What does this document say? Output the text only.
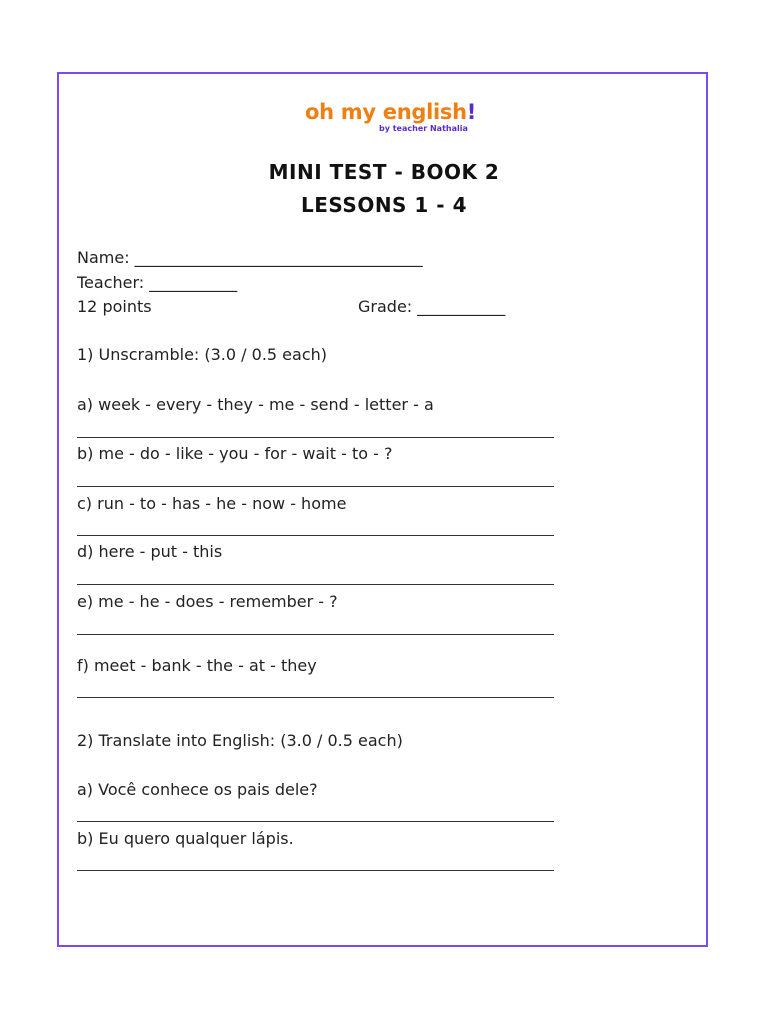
oh my english!
by teacher Nathalia
MINI TEST - BOOK 2
LESSONS 1 - 4
Name: ____________________________________
Teacher: ___________
12 points	Grade: ___________
1) Unscramble: (3.0 / 0.5 each)
a) week - every - they - me - send - letter - a
b) me - do - like - you - for - wait - to - ?
c) run - to - has - he - now - home
d) here - put - this
e) me - he - does - remember - ?
f) meet - bank - the - at - they
2) Translate into English: (3.0 / 0.5 each)
a) Você conhece os pais dele?
b) Eu quero qualquer lápis.
